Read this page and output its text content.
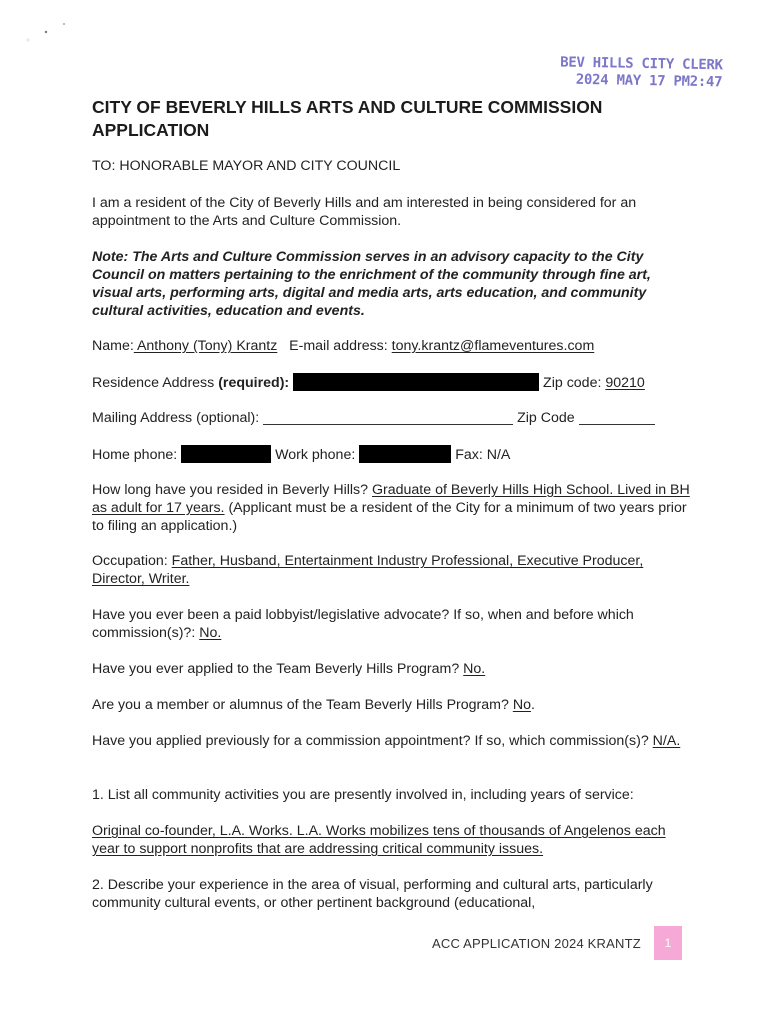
BEV HILLS CITY CLERK
2024 MAY 17 PM2:47
CITY OF BEVERLY HILLS ARTS AND CULTURE COMMISSION
APPLICATION
TO: HONORABLE MAYOR AND CITY COUNCIL
I am a resident of the City of Beverly Hills and am interested in being considered for an appointment to the Arts and Culture Commission.
Note: The Arts and Culture Commission serves in an advisory capacity to the City Council on matters pertaining to the enrichment of the community through fine art, visual arts, performing arts, digital and media arts, arts education, and community cultural activities, education and events.
Name: Anthony (Tony) Krantz E-mail address: tony.krantz@flameventures.com
Residence Address (required):	Zip code: 90210
Mailing Address (optional):	Zip Code
Home phone:	Work phone:	Fax: N/A
How long have you resided in Beverly Hills? Graduate of Beverly Hills High School. Lived in BH as adult for 17 years. (Applicant must be a resident of the City for a minimum of two years prior to filing an application.)
Occupation: Father, Husband, Entertainment Industry Professional, Executive Producer, Director, Writer.
Have you ever been a paid lobbyist/legislative advocate? If so, when and before which commission(s)?: No.
Have you ever applied to the Team Beverly Hills Program? No.
Are you a member or alumnus of the Team Beverly Hills Program? No.
Have you applied previously for a commission appointment? If so, which commission(s)? N/A.
1. List all community activities you are presently involved in, including years of service:
Original co-founder, L.A. Works. L.A. Works mobilizes tens of thousands of Angelenos each year to support nonprofits that are addressing critical community issues.
2. Describe your experience in the area of visual, performing and cultural arts, particularly community cultural events, or other pertinent background (educational,
ACC APPLICATION 2024 KRANTZ	1
